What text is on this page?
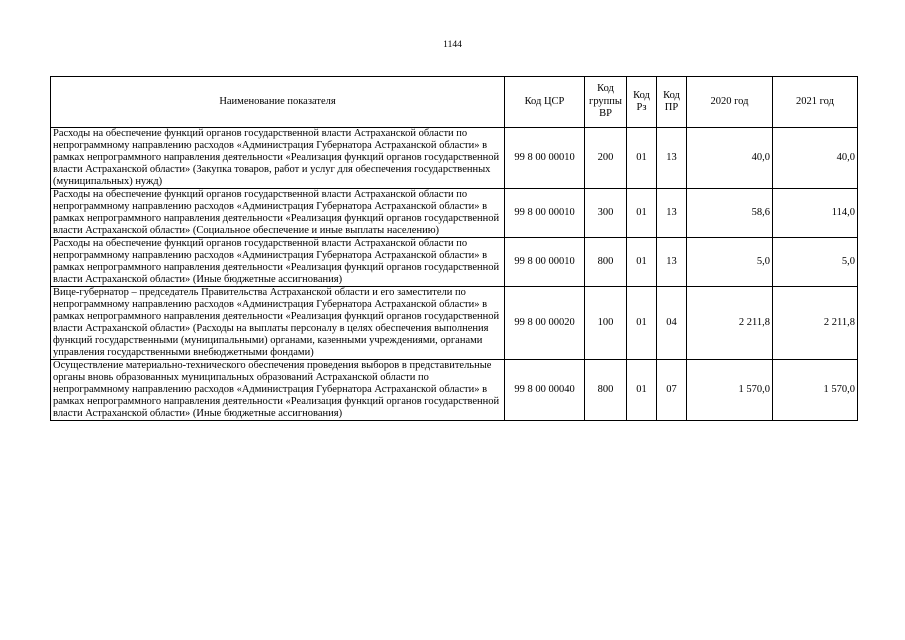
1144
Наименование показателя	Код ЦСР	Код группы ВР	Код Рз	Код ПР	2020 год	2021 год
Расходы на обеспечение функций органов государственной власти Астраханской области по непрограммному направлению расходов «Администрация Губернатора Астраханской области» в рамках непрограммного направления деятельности «Реализация функций органов государственной власти Астраханской области» (Закупка товаров, работ и услуг для обеспечения государственных (муниципальных) нужд)	99 8 00 00010	200	01	13	40,0	40,0
Расходы на обеспечение функций органов государственной власти Астраханской области по непрограммному направлению расходов «Администрация Губернатора Астраханской области» в рамках непрограммного направления деятельности «Реализация функций органов государственной власти Астраханской области» (Социальное обеспечение и иные выплаты населению)	99 8 00 00010	300	01	13	58,6	114,0
Расходы на обеспечение функций органов государственной власти Астраханской области по непрограммному направлению расходов «Администрация Губернатора Астраханской области» в рамках непрограммного направления деятельности «Реализация функций органов государственной власти Астраханской области» (Иные бюджетные ассигнования)	99 8 00 00010	800	01	13	5,0	5,0
Вице-губернатор – председатель Правительства Астраханской области и его заместители по непрограммному направлению расходов «Администрация Губернатора Астраханской области» в рамках непрограммного направления деятельности «Реализация функций органов государственной власти Астраханской области» (Расходы на выплаты персоналу в целях обеспечения выполнения функций государственными (муниципальными) органами, казенными учреждениями, органами управления государственными внебюджетными фондами)	99 8 00 00020	100	01	04	2 211,8	2 211,8
Осуществление материально-технического обеспечения проведения выборов в представительные органы вновь образованных муниципальных образований Астраханской области по непрограммному направлению расходов «Администрация Губернатора Астраханской области» в рамках непрограммного направления деятельности «Реализация функций органов государственной власти Астраханской области» (Иные бюджетные ассигнования)	99 8 00 00040	800	01	07	1 570,0	1 570,0
